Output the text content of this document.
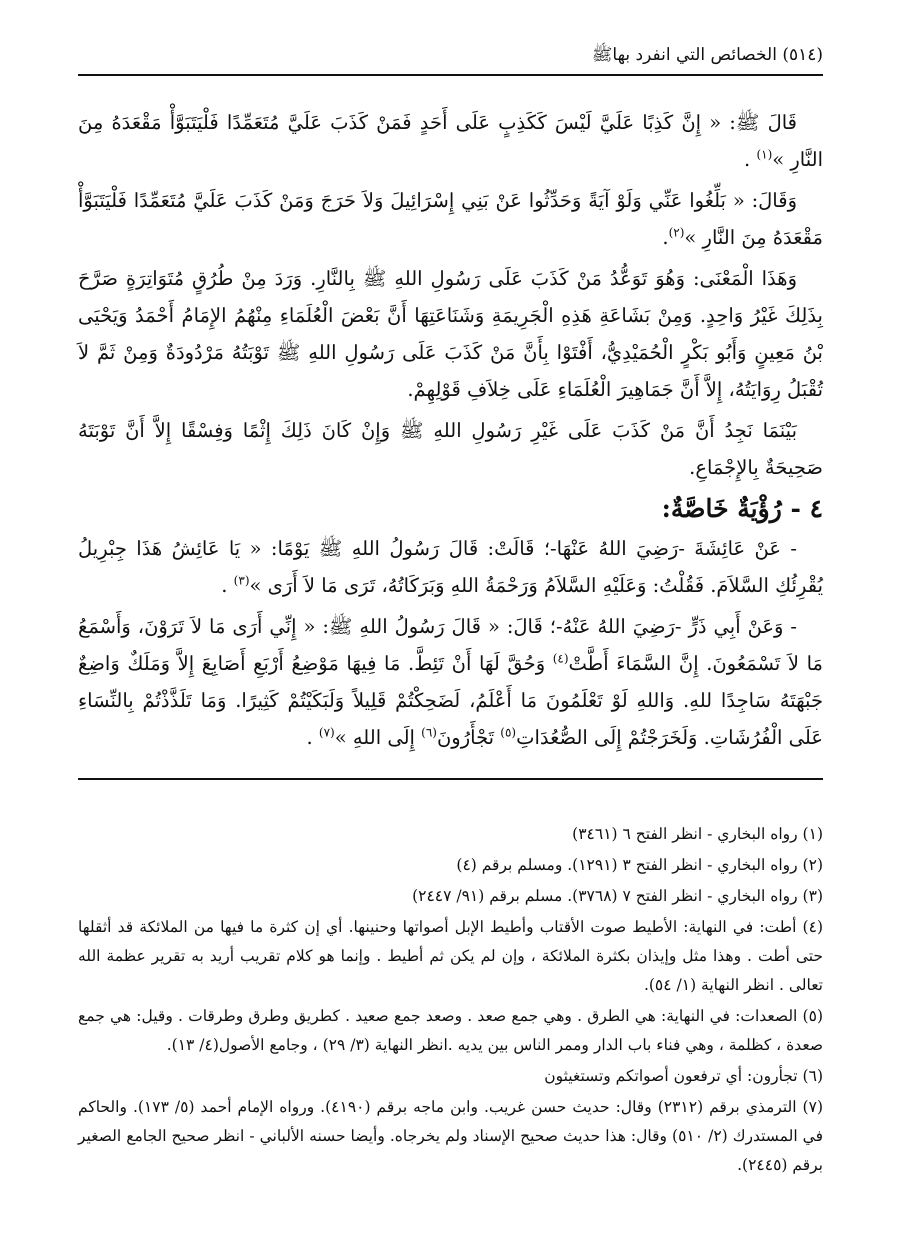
(٥١٤) الخصائص التي انفرد بهاﷺ

قَالَ ﷺ: « إِنَّ كَذِبًا عَلَيَّ لَيْسَ كَكَذِبٍ عَلَى أَحَدٍ فَمَنْ كَذَبَ عَلَيَّ مُتَعَمِّدًا فَلْيَتَبَوَّأْ مَقْعَدَهُ مِنَ النَّارِ »$^{(١)}$ .

وَقَالَ: « بَلِّغُوا عَنِّي وَلَوْ آيَةً وَحَدِّثُوا عَنْ بَنِي إِسْرَائِيلَ وَلاَ حَرَجَ وَمَنْ كَذَبَ عَلَيَّ مُتَعَمِّدًا فَلْيَتَبَوَّأْ مَقْعَدَهُ مِنَ النَّارِ »$^{(٢)}$.

وَهَذَا الْمَعْنَى: وَهُوَ تَوَعُّدُ مَنْ كَذَبَ عَلَى رَسُولِ اللهِ ﷺ بِالنَّارِ. وَرَدَ مِنْ طُرُقٍ مُتَوَاتِرَةٍ صَرَّحَ بِذَلِكَ غَيْرُ وَاحِدٍ. وَمِنْ بَشَاعَةِ هَذِهِ الْجَرِيمَةِ وَشَنَاعَتِهَا أَنَّ بَعْضَ الْعُلَمَاءِ مِنْهُمُ الإِمَامُ أَحْمَدُ وَيَحْيَى بْنُ مَعِينٍ وَأَبُو بَكْرٍ الْحُمَيْدِيُّ، أَفْتَوْا بِأَنَّ مَنْ كَذَبَ عَلَى رَسُولِ اللهِ ﷺ تَوْبَتُهُ مَرْدُودَةٌ وَمِنْ ثَمَّ لاَ تُقْبَلُ رِوَايَتُهُ، إِلاَّ أَنَّ جَمَاهِيرَ الْعُلَمَاءِ عَلَى خِلاَفِ قَوْلِهِمْ.

بَيْنَمَا نَجِدُ أَنَّ مَنْ كَذَبَ عَلَى غَيْرِ رَسُولِ اللهِ ﷺ وَإِنْ كَانَ ذَلِكَ إِثْمًا وَفِسْقًا إِلاَّ أَنَّ تَوْبَتَهُ صَحِيحَةٌ بِالإِجْمَاعِ.

٤ - رُؤْيَةٌ خَاصَّةٌ:

- عَنْ عَائِشَةَ -رَضِيَ اللهُ عَنْهَا-؛ قَالَتْ: قَالَ رَسُولُ اللهِ ﷺ يَوْمًا: « يَا عَائِشُ هَذَا جِبْرِيلُ يُقْرِئُكِ السَّلاَمَ. فَقُلْتُ: وَعَلَيْهِ السَّلاَمُ وَرَحْمَةُ اللهِ وَبَرَكَاتُهُ، تَرَى مَا لاَ أَرَى »$^{(٣)}$ .

- وَعَنْ أَبِي ذَرٍّ -رَضِيَ اللهُ عَنْهُ-؛ قَالَ: « قَالَ رَسُولُ اللهِ ﷺ: « إِنِّي أَرَى مَا لاَ تَرَوْنَ، وَأَسْمَعُ مَا لاَ تَسْمَعُونَ. إِنَّ السَّمَاءَ أَطَّتْ$^{(٤)}$ وَحُقَّ لَهَا أَنْ تَئِطَّ. مَا فِيهَا مَوْضِعُ أَرْبَعِ أَصَابِعَ إِلاَّ وَمَلَكٌ وَاضِعٌ جَبْهَتَهُ سَاجِدًا للهِ. وَاللهِ لَوْ تَعْلَمُونَ مَا أَعْلَمُ، لَضَحِكْتُمْ قَلِيلاً وَلَبَكَيْتُمْ كَثِيرًا. وَمَا تَلَذَّذْتُمْ بِالنِّسَاءِ عَلَى الْفُرُشَاتِ. وَلَخَرَجْتُمْ إِلَى الصُّعُدَاتِ$^{(٥)}$ تَجْأَرُونَ$^{(٦)}$ إِلَى اللهِ »$^{(٧)}$ .

(١) رواه البخاري - انظر الفتح ٦ (٣٤٦١)

(٢) رواه البخاري - انظر الفتح ٣ (١٢٩١). ومسلم برقم (٤)

(٣) رواه البخاري - انظر الفتح ٧ (٣٧٦٨). مسلم برقم (٩١/ ٢٤٤٧)

(٤) أطت: في النهاية: الأطيط صوت الأقتاب وأطيط الإبل أصواتها وحنينها. أي إن كثرة ما فيها من الملائكة قد أثقلها حتى أطت . وهذا مثل وإيذان بكثرة الملائكة ، وإن لم يكن ثم أطيط . وإنما هو كلام تقريب أريد به تقرير عظمة الله تعالى . انظر النهاية (١/ ٥٤).

(٥) الصعدات: في النهاية: هي الطرق . وهي جمع صعد . وصعد جمع صعيد . كطريق وطرق وطرقات . وقيل: هي جمع صعدة ، كظلمة ، وهي فناء باب الدار وممر الناس بين يديه .انظر النهاية (٣/ ٢٩) ، وجامع الأصول(٤/ ١٣).

(٦) تجأرون: أي ترفعون أصواتكم وتستغيثون

(٧) الترمذي برقم (٢٣١٢) وقال: حديث حسن غريب. وابن ماجه برقم (٤١٩٠). ورواه الإمام أحمد (٥/ ١٧٣). والحاكم في المستدرك (٢/ ٥١٠) وقال: هذا حديث صحيح الإسناد ولم يخرجاه. وأيضا حسنه الألباني - انظر صحيح الجامع الصغير برقم (٢٤٤٥).
